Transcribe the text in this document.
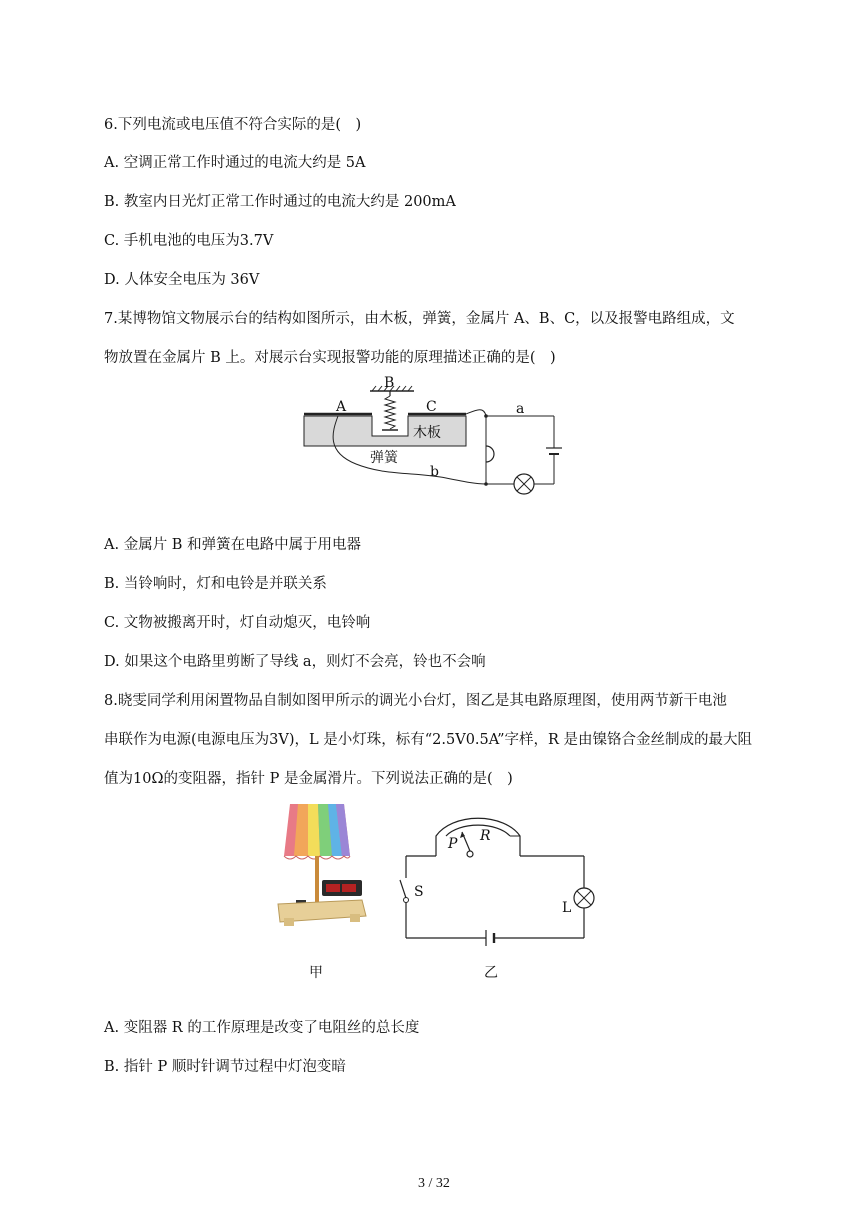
6.下列电流或电压值不符合实际的是(　)
A. 空调正常工作时通过的电流大约是 5A
B. 教室内日光灯正常工作时通过的电流大约是 200mA
C. 手机电池的电压为3.7V
D. 人体安全电压为 36V
7.某博物馆文物展示台的结构如图所示，由木板，弹簧，金属片 A、B、C，以及报警电路组成，文
物放置在金属片 B 上。对展示台实现报警功能的原理描述正确的是(　)
A
B
C
木板
弹簧
a
b
A. 金属片 B 和弹簧在电路中属于用电器
B. 当铃响时，灯和电铃是并联关系
C. 文物被搬离开时，灯自动熄灭，电铃响
D. 如果这个电路里剪断了导线 a，则灯不会亮，铃也不会响
8.晓雯同学利用闲置物品自制如图甲所示的调光小台灯，图乙是其电路原理图，使用两节新干电池
串联作为电源(电源电压为3V)，L 是小灯珠，标有“2.5V0.5A”字样，R 是由镍铬合金丝制成的最大阻
值为10Ω的变阻器，指针 P 是金属滑片。下列说法正确的是(　)
P R
S
L
甲	乙
A. 变阻器 R 的工作原理是改变了电阻丝的总长度
B. 指针 P 顺时针调节过程中灯泡变暗
3 / 32
